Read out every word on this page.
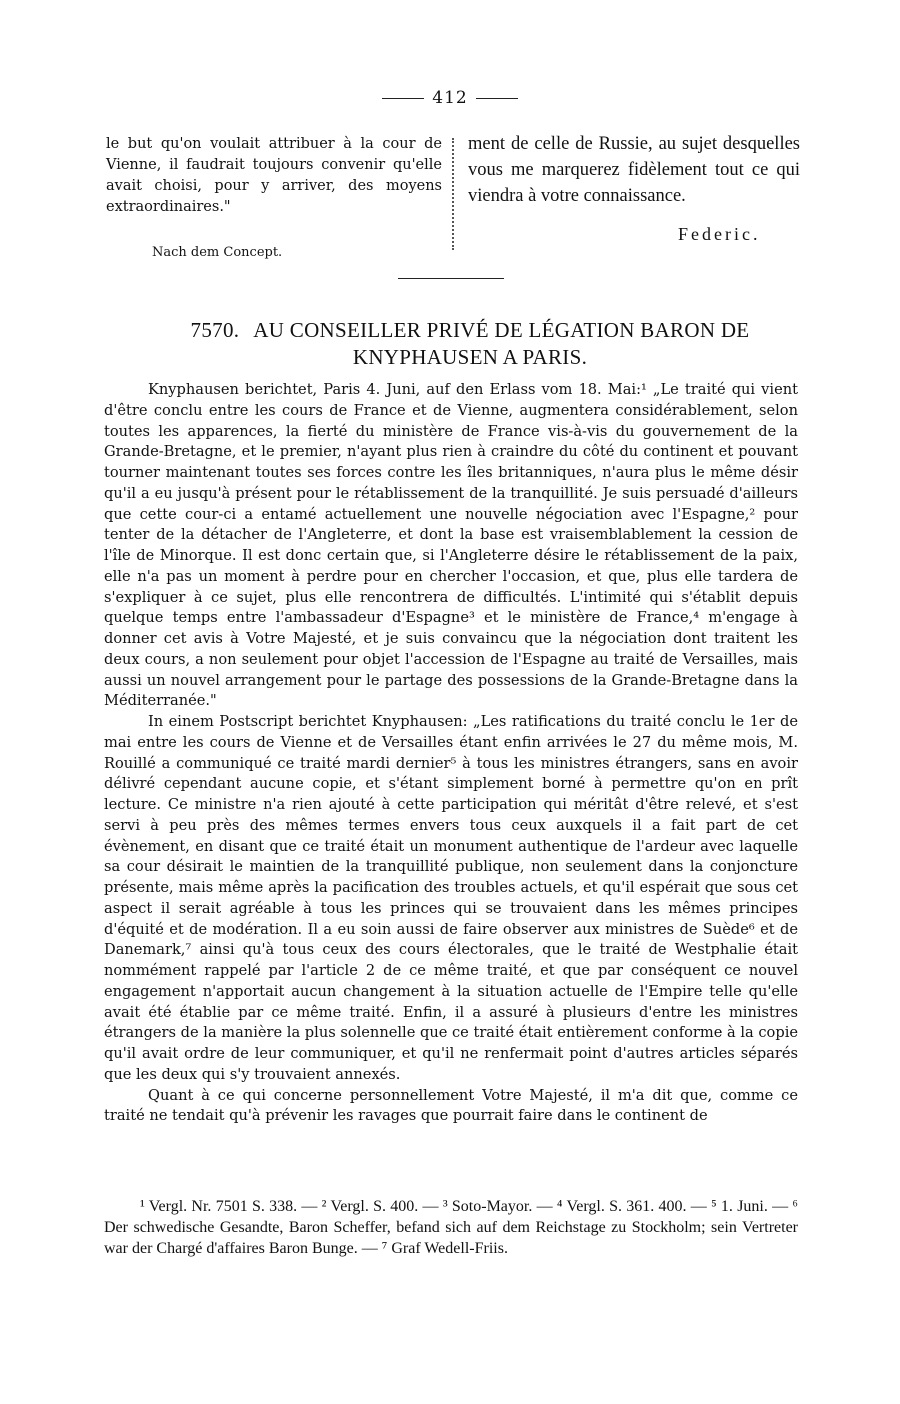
412
le but qu'on voulait attribuer à la cour de Vienne, il faudrait toujours convenir qu'elle avait choisi, pour y arriver, des moyens extraordinaires."
Nach dem Concept.
ment de celle de Russie, au sujet desquelles vous me marquerez fidèlement tout ce qui viendra à votre connaissance.
Federic.
7570. AU CONSEILLER PRIVÉ DE LÉGATION BARON DE KNYPHAUSEN A PARIS.

Knyphausen berichtet, Paris 4. Juni, auf den Erlass vom 18. Mai:¹ „Le traité qui vient d'être conclu entre les cours de France et de Vienne, augmentera considérablement, selon toutes les apparences, la fierté du ministère de France vis-à-vis du gouvernement de la Grande-Bretagne, et le premier, n'ayant plus rien à craindre du côté du continent et pouvant tourner maintenant toutes ses forces contre les îles britanniques, n'aura plus le même désir qu'il a eu jusqu'à présent pour le rétablissement de la tranquillité. Je suis persuadé d'ailleurs que cette cour-ci a entamé actuellement une nouvelle négociation avec l'Espagne,² pour tenter de la détacher de l'Angleterre, et dont la base est vraisemblablement la cession de l'île de Minorque. Il est donc certain que, si l'Angleterre désire le rétablissement de la paix, elle n'a pas un moment à perdre pour en chercher l'occasion, et que, plus elle tardera de s'expliquer à ce sujet, plus elle rencontrera de difficultés. L'intimité qui s'établit depuis quelque temps entre l'ambassadeur d'Espagne³ et le ministère de France,⁴ m'engage à donner cet avis à Votre Majesté, et je suis convaincu que la négociation dont traitent les deux cours, a non seulement pour objet l'accession de l'Espagne au traité de Versailles, mais aussi un nouvel arrangement pour le partage des possessions de la Grande-Bretagne dans la Méditerranée."

In einem Postscript berichtet Knyphausen: „Les ratifications du traité conclu le 1er de mai entre les cours de Vienne et de Versailles étant enfin arrivées le 27 du même mois, M. Rouillé a communiqué ce traité mardi dernier⁵ à tous les ministres étrangers, sans en avoir délivré cependant aucune copie, et s'étant simplement borné à permettre qu'on en prît lecture. Ce ministre n'a rien ajouté à cette participation qui méritât d'être relevé, et s'est servi à peu près des mêmes termes envers tous ceux auxquels il a fait part de cet évènement, en disant que ce traité était un monument authentique de l'ardeur avec laquelle sa cour désirait le maintien de la tranquillité publique, non seulement dans la conjoncture présente, mais même après la pacification des troubles actuels, et qu'il espérait que sous cet aspect il serait agréable à tous les princes qui se trouvaient dans les mêmes principes d'équité et de modération. Il a eu soin aussi de faire observer aux ministres de Suède⁶ et de Danemark,⁷ ainsi qu'à tous ceux des cours électorales, que le traité de Westphalie était nommément rappelé par l'article 2 de ce même traité, et que par conséquent ce nouvel engagement n'apportait aucun changement à la situation actuelle de l'Empire telle qu'elle avait été établie par ce même traité. Enfin, il a assuré à plusieurs d'entre les ministres étrangers de la manière la plus solennelle que ce traité était entièrement conforme à la copie qu'il avait ordre de leur communiquer, et qu'il ne renfermait point d'autres articles séparés que les deux qui s'y trouvaient annexés.

Quant à ce qui concerne personnellement Votre Majesté, il m'a dit que, comme ce traité ne tendait qu'à prévenir les ravages que pourrait faire dans le continent de

¹ Vergl. Nr. 7501 S. 338. — ² Vergl. S. 400. — ³ Soto-Mayor. — ⁴ Vergl. S. 361. 400. — ⁵ 1. Juni. — ⁶ Der schwedische Gesandte, Baron Scheffer, befand sich auf dem Reichstage zu Stockholm; sein Vertreter war der Chargé d'affaires Baron Bunge. — ⁷ Graf Wedell-Friis.
